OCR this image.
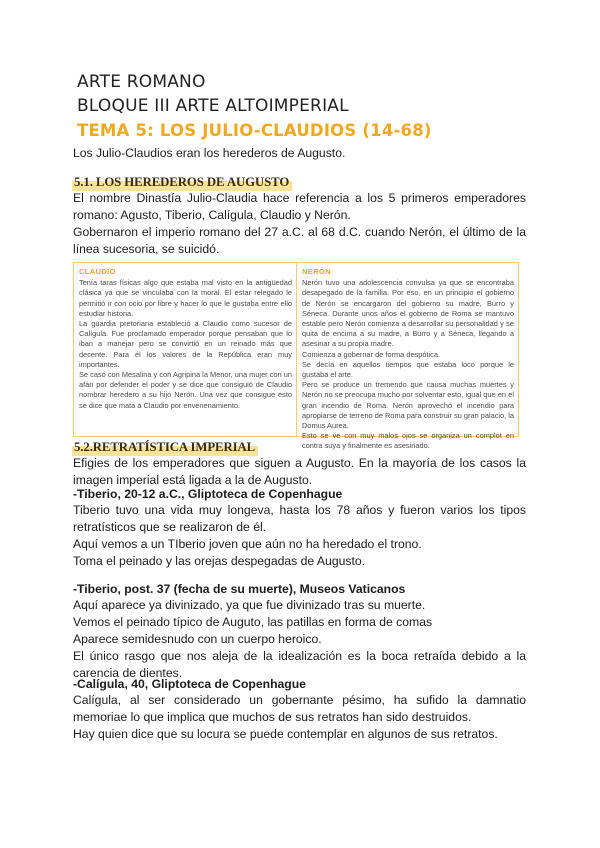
ARTE ROMANO
BLOQUE III ARTE ALTOIMPERIAL
TEMA 5: LOS JULIO-CLAUDIOS (14-68)

Los Julio-Claudios eran los herederos de Augusto.

5.1. LOS HEREDEROS DE AUGUSTO

El nombre Dinastía Julio-Claudia hace referencia a los 5 primeros emperadores romano: Agusto, Tiberio, Calígula, Claudio y Nerón.

Gobernaron el imperio romano del 27 a.C. al 68 d.C. cuando Nerón, el último de la línea sucesoria, se suicidó.

CLAUDIO

Tenía taras físicas algo que estaba mal visto en la antigüedad clásica ya que se vinculaba con la moral. El estar relegado le permitió ir con ocio por libre y hacer lo que le gustaba entre ello estudiar historia.

La guardia pretoriana estableció a Claudio como sucesor de Calígula. Fue proclamado emperador porque pensaban que lo iban a manejar pero se convirtió en un reinado más que decente. Para él los valores de la República eran muy importantes.

Se casó con Mesalina y con Agripina la Menor, una mujer con un afán por defender el poder y se dice que consiguió de Claudio nombrar heredero a su hijo Nerón. Una vez que consigue esto se dice que mata a Claudio por envenenamiento.

NERÓN

Nerón tuvo una adolescencia convulsa ya que se encontraba desapegado de la familia. Por eso, en un principio el gobierno de Nerón se encargaron del gobierno su madre, Burro y Séneca. Durante unos años el gobierno de Roma se mantuvo estable pero Nerón comienza a desarrollar su personalidad y se quita de encima a su madre, a Burro y a Séneca, llegando a asesinar a su propia madre.

Comienza a gobernar de forma despótica.

Se decía en aquellos tiempos que estaba loco porque le gustaba el arte.

Pero se produce un tremendo que causa muchas muertes y Nerón no se preocupa mucho por solventar esto, igual que en el gran incendio de Roma. Nerón aprovechó el incendio para apropiarse de terreno de Roma para construir su gran palacio, la Domus Aurea.

Esto se ve con muy malos ojos se organiza un complot en contra suya y finalmente es asesinado.

5.2.RETRATÍSTICA IMPERIAL

Efigies de los emperadores que siguen a Augusto. En la mayoría de los casos la imagen imperial está ligada a la de Augusto.

-Tiberio, 20-12 a.C., Gliptoteca de Copenhague

Tiberio tuvo una vida muy longeva, hasta los 78 años y fueron varios los tipos retratísticos que se realizaron de él.

Aquí vemos a un TIberio joven que aún no ha heredado el trono.

Toma el peinado y las orejas despegadas de Augusto.

-Tiberio, post. 37 (fecha de su muerte), Museos Vaticanos

Aquí aparece ya divinizado, ya que fue divinizado tras su muerte.

Vemos el peinado típico de Auguto, las patillas en forma de comas

Aparece semidesnudo con un cuerpo heroico.

El único rasgo que nos aleja de la idealización es la boca retraída debido a la carencia de dientes.

-Calígula, 40, Gliptoteca de Copenhague

Calígula, al ser considerado un gobernante pésimo, ha sufido la damnatio memoriae lo que implica que muchos de sus retratos han sido destruidos.

Hay quien dice que su locura se puede contemplar en algunos de sus retratos.
